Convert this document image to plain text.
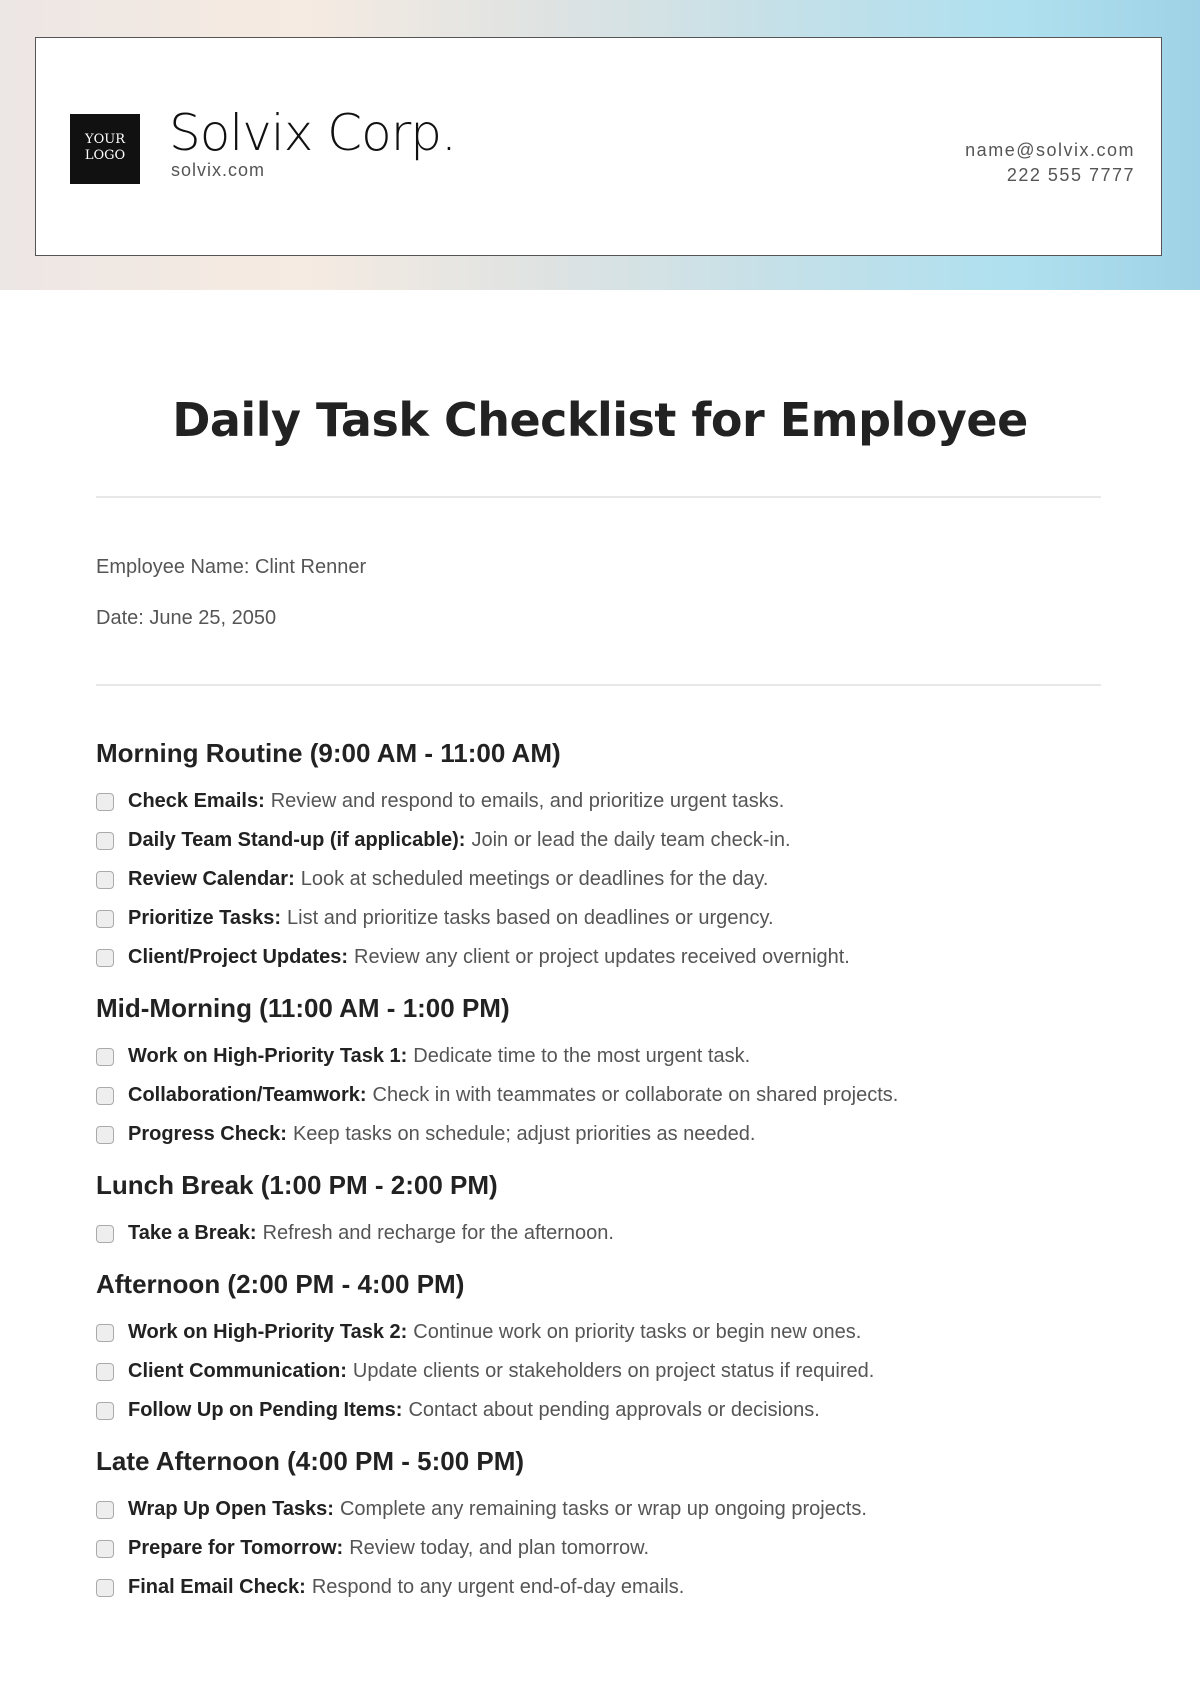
YOUR
LOGO Solvix Corp.
solvix.com
name@solvix.com
222 555 7777
Daily Task Checklist for Employee
Employee Name: Clint Renner
Date: June 25, 2050
Morning Routine (9:00 AM - 11:00 AM)
Check Emails: Review and respond to emails, and prioritize urgent tasks.
Daily Team Stand-up (if applicable): Join or lead the daily team check-in.
Review Calendar: Look at scheduled meetings or deadlines for the day.
Prioritize Tasks: List and prioritize tasks based on deadlines or urgency.
Client/Project Updates: Review any client or project updates received overnight.
Mid-Morning (11:00 AM - 1:00 PM)
Work on High-Priority Task 1: Dedicate time to the most urgent task.
Collaboration/Teamwork: Check in with teammates or collaborate on shared projects.
Progress Check: Keep tasks on schedule; adjust priorities as needed.
Lunch Break (1:00 PM - 2:00 PM)
Take a Break: Refresh and recharge for the afternoon.
Afternoon (2:00 PM - 4:00 PM)
Work on High-Priority Task 2: Continue work on priority tasks or begin new ones.
Client Communication: Update clients or stakeholders on project status if required.
Follow Up on Pending Items: Contact about pending approvals or decisions.
Late Afternoon (4:00 PM - 5:00 PM)
Wrap Up Open Tasks: Complete any remaining tasks or wrap up ongoing projects.
Prepare for Tomorrow: Review today, and plan tomorrow.
Final Email Check: Respond to any urgent end-of-day emails.
